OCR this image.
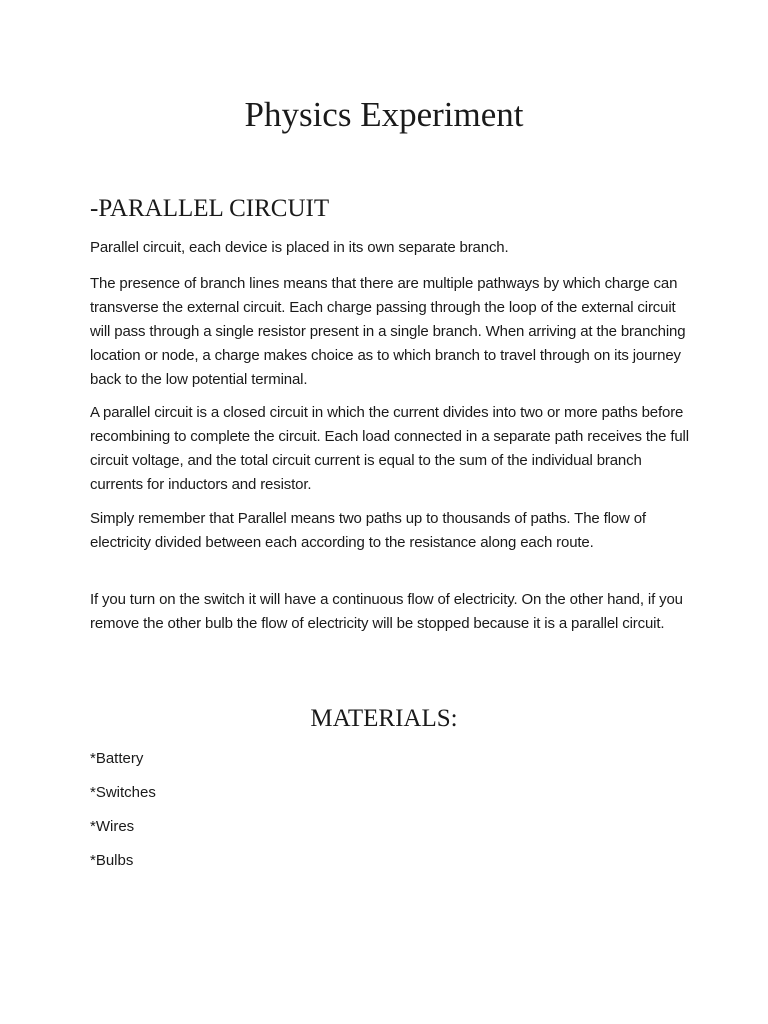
Physics Experiment
-PARALLEL CIRCUIT

Parallel circuit, each device is placed in its own separate branch.

The presence of branch lines means that there are multiple pathways by which charge can transverse the external circuit. Each charge passing through the loop of the external circuit will pass through a single resistor present in a single branch. When arriving at the branching location or node, a charge makes choice as to which branch to travel through on its journey back to the low potential terminal.

A parallel circuit is a closed circuit in which the current divides into two or more paths before recombining to complete the circuit. Each load connected in a separate path receives the full circuit voltage, and the total circuit current is equal to the sum of the individual branch currents for inductors and resistor.

Simply remember that Parallel means two paths up to thousands of paths. The flow of electricity divided between each according to the resistance along each route.

If you turn on the switch it will have a continuous flow of electricity. On the other hand, if you remove the other bulb the flow of electricity will be stopped because it is a parallel circuit.

MATERIALS:
*Battery
*Switches
*Wires
*Bulbs
